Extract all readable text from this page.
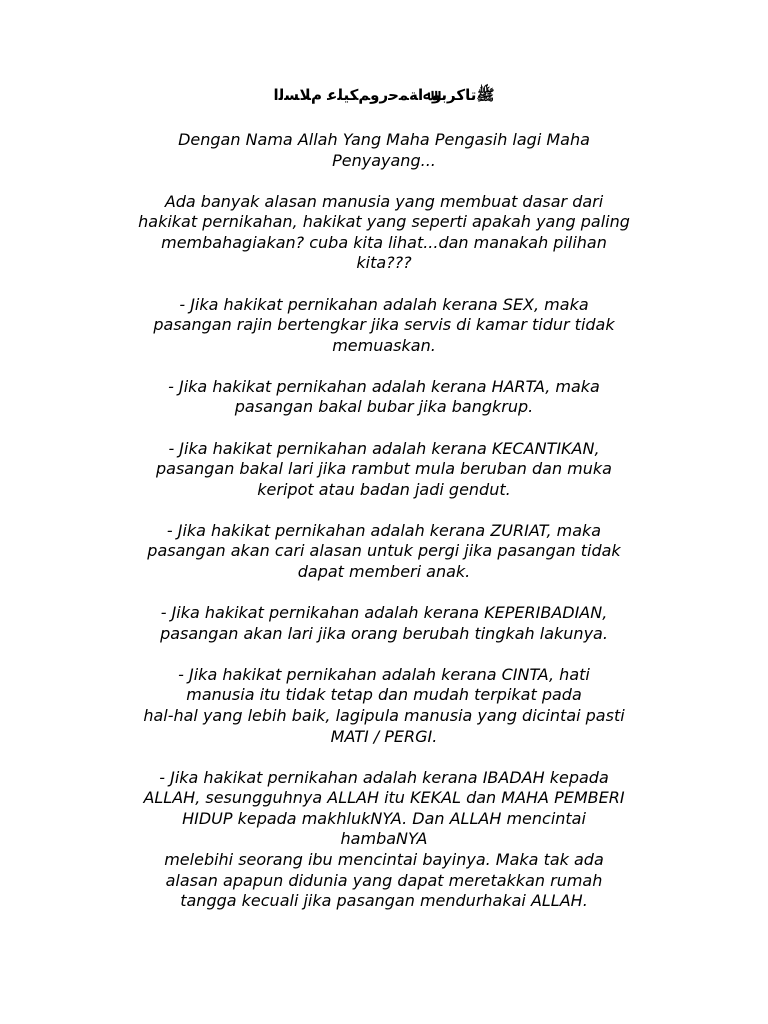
ﷺﺗﺎﻛﺮﺑﻮﷲﺍﺔﻤﺣﺭﻭﻢﻜﻴﻠﻋ ﻡﻼﺴﻟﺍ

Dengan Nama Allah Yang Maha Pengasih lagi Maha
Penyayang...

Ada banyak alasan manusia yang membuat dasar dari
hakikat pernikahan, hakikat yang seperti apakah yang paling
membahagiakan? cuba kita lihat...dan manakah pilihan
kita???

- Jika hakikat pernikahan adalah kerana SEX, maka
pasangan rajin bertengkar jika servis di kamar tidur tidak
memuaskan.

- Jika hakikat pernikahan adalah kerana HARTA, maka
pasangan bakal bubar jika bangkrup.

- Jika hakikat pernikahan adalah kerana KECANTIKAN,
pasangan bakal lari jika rambut mula beruban dan muka
keripot atau badan jadi gendut.

- Jika hakikat pernikahan adalah kerana ZURIAT, maka
pasangan akan cari alasan untuk pergi jika pasangan tidak
dapat memberi anak.

- Jika hakikat pernikahan adalah kerana KEPERIBADIAN,
pasangan akan lari jika orang berubah tingkah lakunya.

- Jika hakikat pernikahan adalah kerana CINTA, hati
manusia itu tidak tetap dan mudah terpikat pada
hal-hal yang lebih baik, lagipula manusia yang dicintai pasti
MATI / PERGI.

- Jika hakikat pernikahan adalah kerana IBADAH kepada
ALLAH, sesungguhnya ALLAH itu KEKAL dan MAHA PEMBERI
HIDUP kepada makhlukNYA. Dan ALLAH mencintai
hambaNYA
melebihi seorang ibu mencintai bayinya. Maka tak ada
alasan apapun didunia yang dapat meretakkan rumah
tangga kecuali jika pasangan mendurhakai ALLAH.
